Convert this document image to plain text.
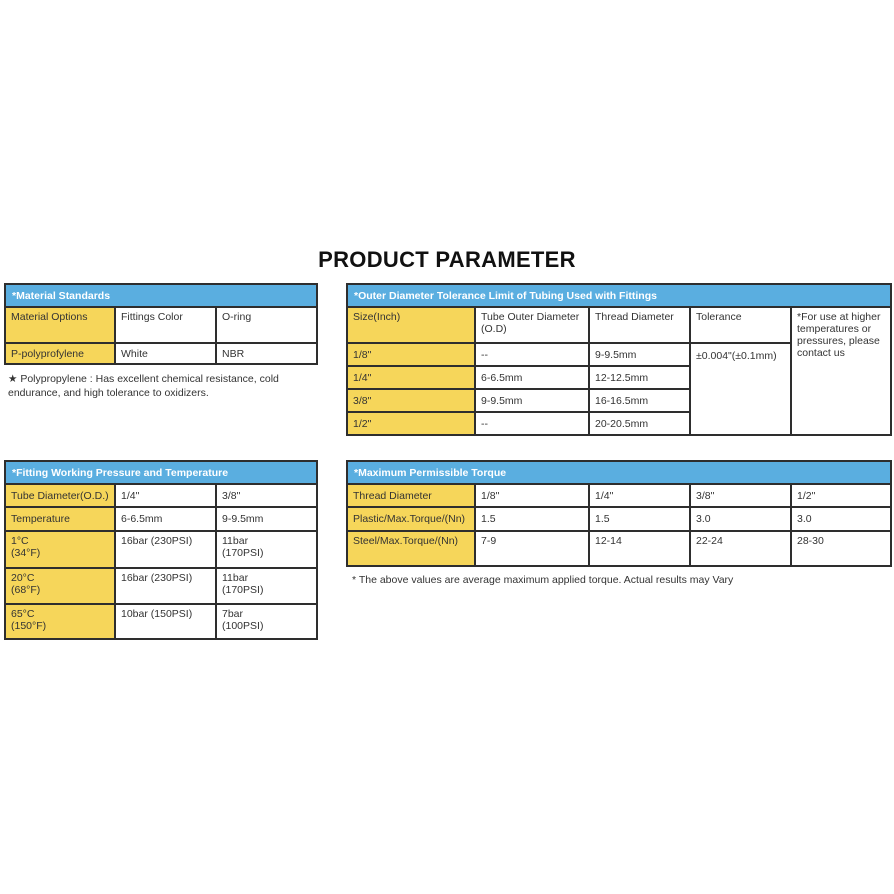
PRODUCT PARAMETER
*Material Standards		
Material Options	Fittings Color	O-ring
P-polyprofylene	White	NBR

★ Polypropylene : Has excellent chemical resistance, cold
endurance, and high tolerance to oxidizers.

*Outer Diameter Tolerance Limit of Tubing Used with Fittings				
Size(Inch)	Tube Outer Diameter
(O.D)	Thread Diameter	Tolerance	*For use at higher
temperatures or
pressures, please
contact us
1/8"	--	9-9.5mm	±0.004"(±0.1mm)	
1/4"	6-6.5mm	12-12.5mm		
3/8"	9-9.5mm	16-16.5mm		
1/2"	--	20-20.5mm		
*Fitting Working Pressure and Temperature		
Tube Diameter(O.D.)	1/4"	3/8"
Temperature	6-6.5mm	9-9.5mm
1°C
(34°F)	16bar (230PSI)	11bar
(170PSI)
20°C
(68°F)	16bar (230PSI)	11bar
(170PSI)
65°C
(150°F)	10bar (150PSI)	7bar
(100PSI)
*Maximum Permissible Torque				
Thread Diameter	1/8"	1/4"	3/8"	1/2"
Plastic/Max.Torque/(Nn)	1.5	1.5	3.0	3.0
Steel/Max.Torque/(Nn)	7-9	12-14	22-24	28-30

* The above values are average maximum applied torque. Actual results may Vary
